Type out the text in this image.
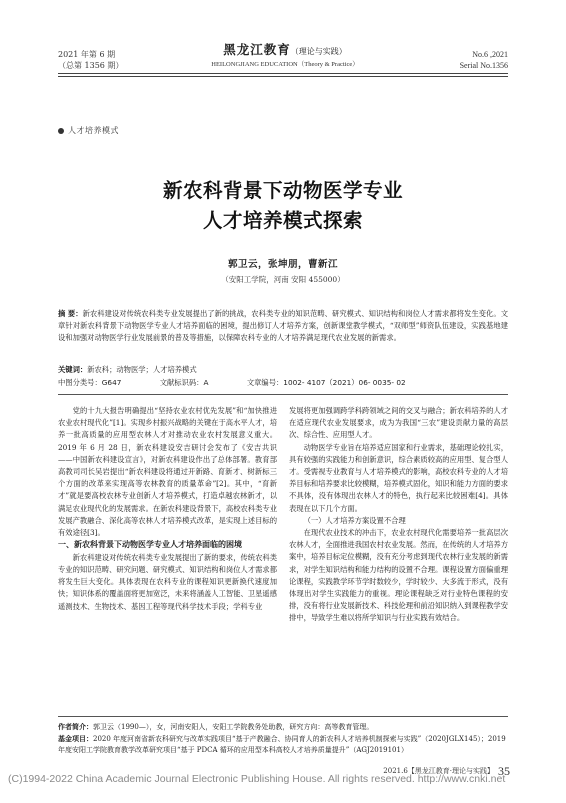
2021 年第 6 期
（总第 1356 期）
黑龙江教育（理论与实践）
HEILONGJIANG EDUCATION（Theory & Practice）
No.6 ,2021
Serial No.1356
人才培养模式
新农科背景下动物医学专业
人才培养模式探索
郭卫云，张坤朋，曹新江
（安阳工学院，河南 安阳 455000）
摘 要：新农科建设对传统农科类专业发展提出了新的挑战，农科类专业的知识范畴、研究模式、知识结构和岗位人才需求都将发生变化。文章针对新农科背景下动物医学专业人才培养面临的困境，提出修订人才培养方案，创新课堂教学模式，“双师型”师资队伍建设，实践基地建设和加强对动物医学行业发展前景的普及等措施，以保障农科专业的人才培养满足现代农业发展的新需求。
关键词：新农科；动物医学；人才培养模式
中图分类号：G647	文献标识码：A	文章编号：1002- 4107（2021）06- 0035- 02

党的十九大报告明确提出“坚持农业农村优先发展”和“加快推进农业农村现代化”[1]。实现乡村振兴战略的关键在于高水平人才，培养一批高质量的应用型农林人才对推动农业农村发展意义重大。2019 年 6 月 28 日，新农科建设安吉研讨会发布了《安吉共识——中国新农科建设宣言》，对新农科建设作出了总体部署。教育部高教司司长吴岩提出“新农科建设将通过开新路、育新才、树新标三个方面的改革来实现高等农林教育的质量革命”[2]。其中，“育新才”就是要高校农林专业创新人才培养模式，打造卓越农林新才，以满足农业现代化的发展需求。在新农科建设背景下，高校农科类专业发展产教融合、深化高等农林人才培养模式改革，是实现上述目标的有效途径[3]。

一、新农科背景下动物医学专业人才培养面临的困境

新农科建设对传统农科类专业发展提出了新的要求，传统农科类专业的知识范畴、研究问题、研究模式、知识结构和岗位人才需求都将发生巨大变化。具体表现在农科专业的课程知识更新换代速度加快；知识体系的覆盖面将更加宽泛，未来将涵盖人工智能、卫星遥感遥测技术、生物技术、基因工程等现代科学技术手段；学科专业

发展将更加强调跨学科跨领域之间的交叉与融合；新农科培养的人才在适应现代农业发展要求，成为为我国“三农”建设贡献力量的高层次、综合性、应用型人才。

动物医学专业旨在培养适应国家和行业需求，基础理论较扎实，具有较强的实践能力和创新意识，综合素质较高的应用型、复合型人才。受需视专业教育与人才培养模式的影响，高校农科专业的人才培养目标和培养要求比较模糊，培养模式固化，知识和能力方面的要求不具体，没有体现出农林人才的特色，执行起来比较困难[4]。具体表现在以下几个方面。

（一）人才培养方案设置不合理

在现代农业技术的冲击下，农业农村现代化需要培养一批高层次农林人才，全面推进我国农村农业发展。然而，在传统的人才培养方案中，培养目标定位模糊，没有充分考虑到现代农林行业发展的新需求，对学生知识结构和能力结构的设置不合理。课程设置方面偏重理论课程，实践教学环节学时数较少，学时较少、大多流于形式，没有体现出对学生实践能力的重视。理论课程缺乏对行业特色课程的安排，没有将行业发展新技术、科技伦理和前沿知识纳入到课程教学安排中，导致学生难以将所学知识与行业实践有效结合。

作者简介：郭卫云（1990—），女，河南安阳人，安阳工学院教务处助教，研究方向：高等教育管理。
基金项目：2020 年度河南省新农科研究与改革实践项目“基于产教融合、协同育人的新农科人才培养机制探索与实践”（2020JGLX145）；2019 年度安阳工学院教育教学改革研究项目“基于 PDCA 循环的应用型本科高校人才培养质量提升”（AGJ2019101）
2021.6【黑龙江教育·理论与实践】 35
(C)1994-2022 China Academic Journal Electronic Publishing House. All rights reserved. http://www.cnki.net
